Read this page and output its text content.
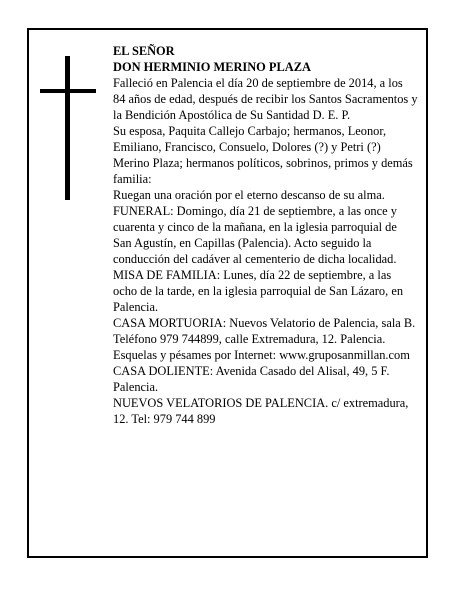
EL SEÑOR

DON HERMINIO MERINO PLAZA

Falleció en Palencia el día 20 de septiembre de 2014, a los 84 años de edad, después de recibir los Santos Sacramentos y la Bendición Apostólica de Su Santidad D. E. P.

Su esposa, Paquita Callejo Carbajo; hermanos, Leonor, Emiliano, Francisco, Consuelo, Dolores (?) y Petri (?) Merino Plaza; hermanos políticos, sobrinos, primos y demás familia:

Ruegan una oración por el eterno descanso de su alma.

FUNERAL: Domingo, día 21 de septiembre, a las once y cuarenta y cinco de la mañana, en la iglesia parroquial de San Agustín, en Capillas (Palencia). Acto seguido la conducción del cadáver al cementerio de dicha localidad.

MISA DE FAMILIA: Lunes, día 22 de septiembre, a las ocho de la tarde, en la iglesia parroquial de San Lázaro, en Palencia.

CASA MORTUORIA: Nuevos Velatorio de Palencia, sala B. Teléfono 979 744899, calle Extremadura, 12. Palencia.

Esquelas y pésames por Internet: www.gruposanmillan.com

CASA DOLIENTE: Avenida Casado del Alisal, 49, 5 F. Palencia.

NUEVOS VELATORIOS DE PALENCIA. c/ extremadura, 12. Tel: 979 744 899
